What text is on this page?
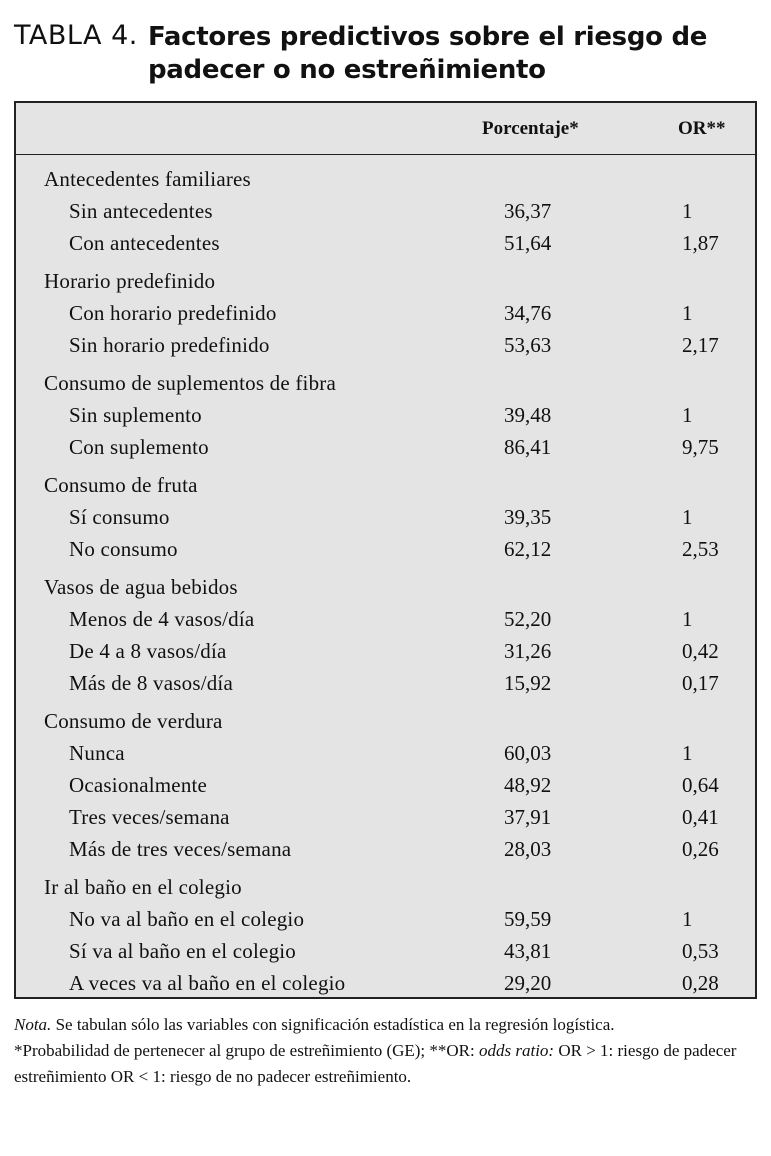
TABLA 4. Factores predictivos sobre el riesgo de padecer o no estreñimiento
Porcentaje*	OR**
Antecedentes familiares
Sin antecedentes	36,37	1
Con antecedentes	51,64	1,87
Horario predefinido
Con horario predefinido	34,76	1
Sin horario predefinido	53,63	2,17
Consumo de suplementos de fibra
Sin suplemento	39,48	1
Con suplemento	86,41	9,75
Consumo de fruta
Sí consumo	39,35	1
No consumo	62,12	2,53
Vasos de agua bebidos
Menos de 4 vasos/día	52,20	1
De 4 a 8 vasos/día	31,26	0,42
Más de 8 vasos/día	15,92	0,17
Consumo de verdura
Nunca	60,03	1
Ocasionalmente	48,92	0,64
Tres veces/semana	37,91	0,41
Más de tres veces/semana	28,03	0,26
Ir al baño en el colegio
No va al baño en el colegio	59,59	1
Sí va al baño en el colegio	43,81	0,53
A veces va al baño en el colegio	29,20	0,28

Nota. Se tabulan sólo las variables con significación estadística en la regresión logística.

*Probabilidad de pertenecer al grupo de estreñimiento (GE); **OR: odds ratio: OR > 1: riesgo de padecer estreñimiento OR < 1: riesgo de no padecer estreñimiento.
